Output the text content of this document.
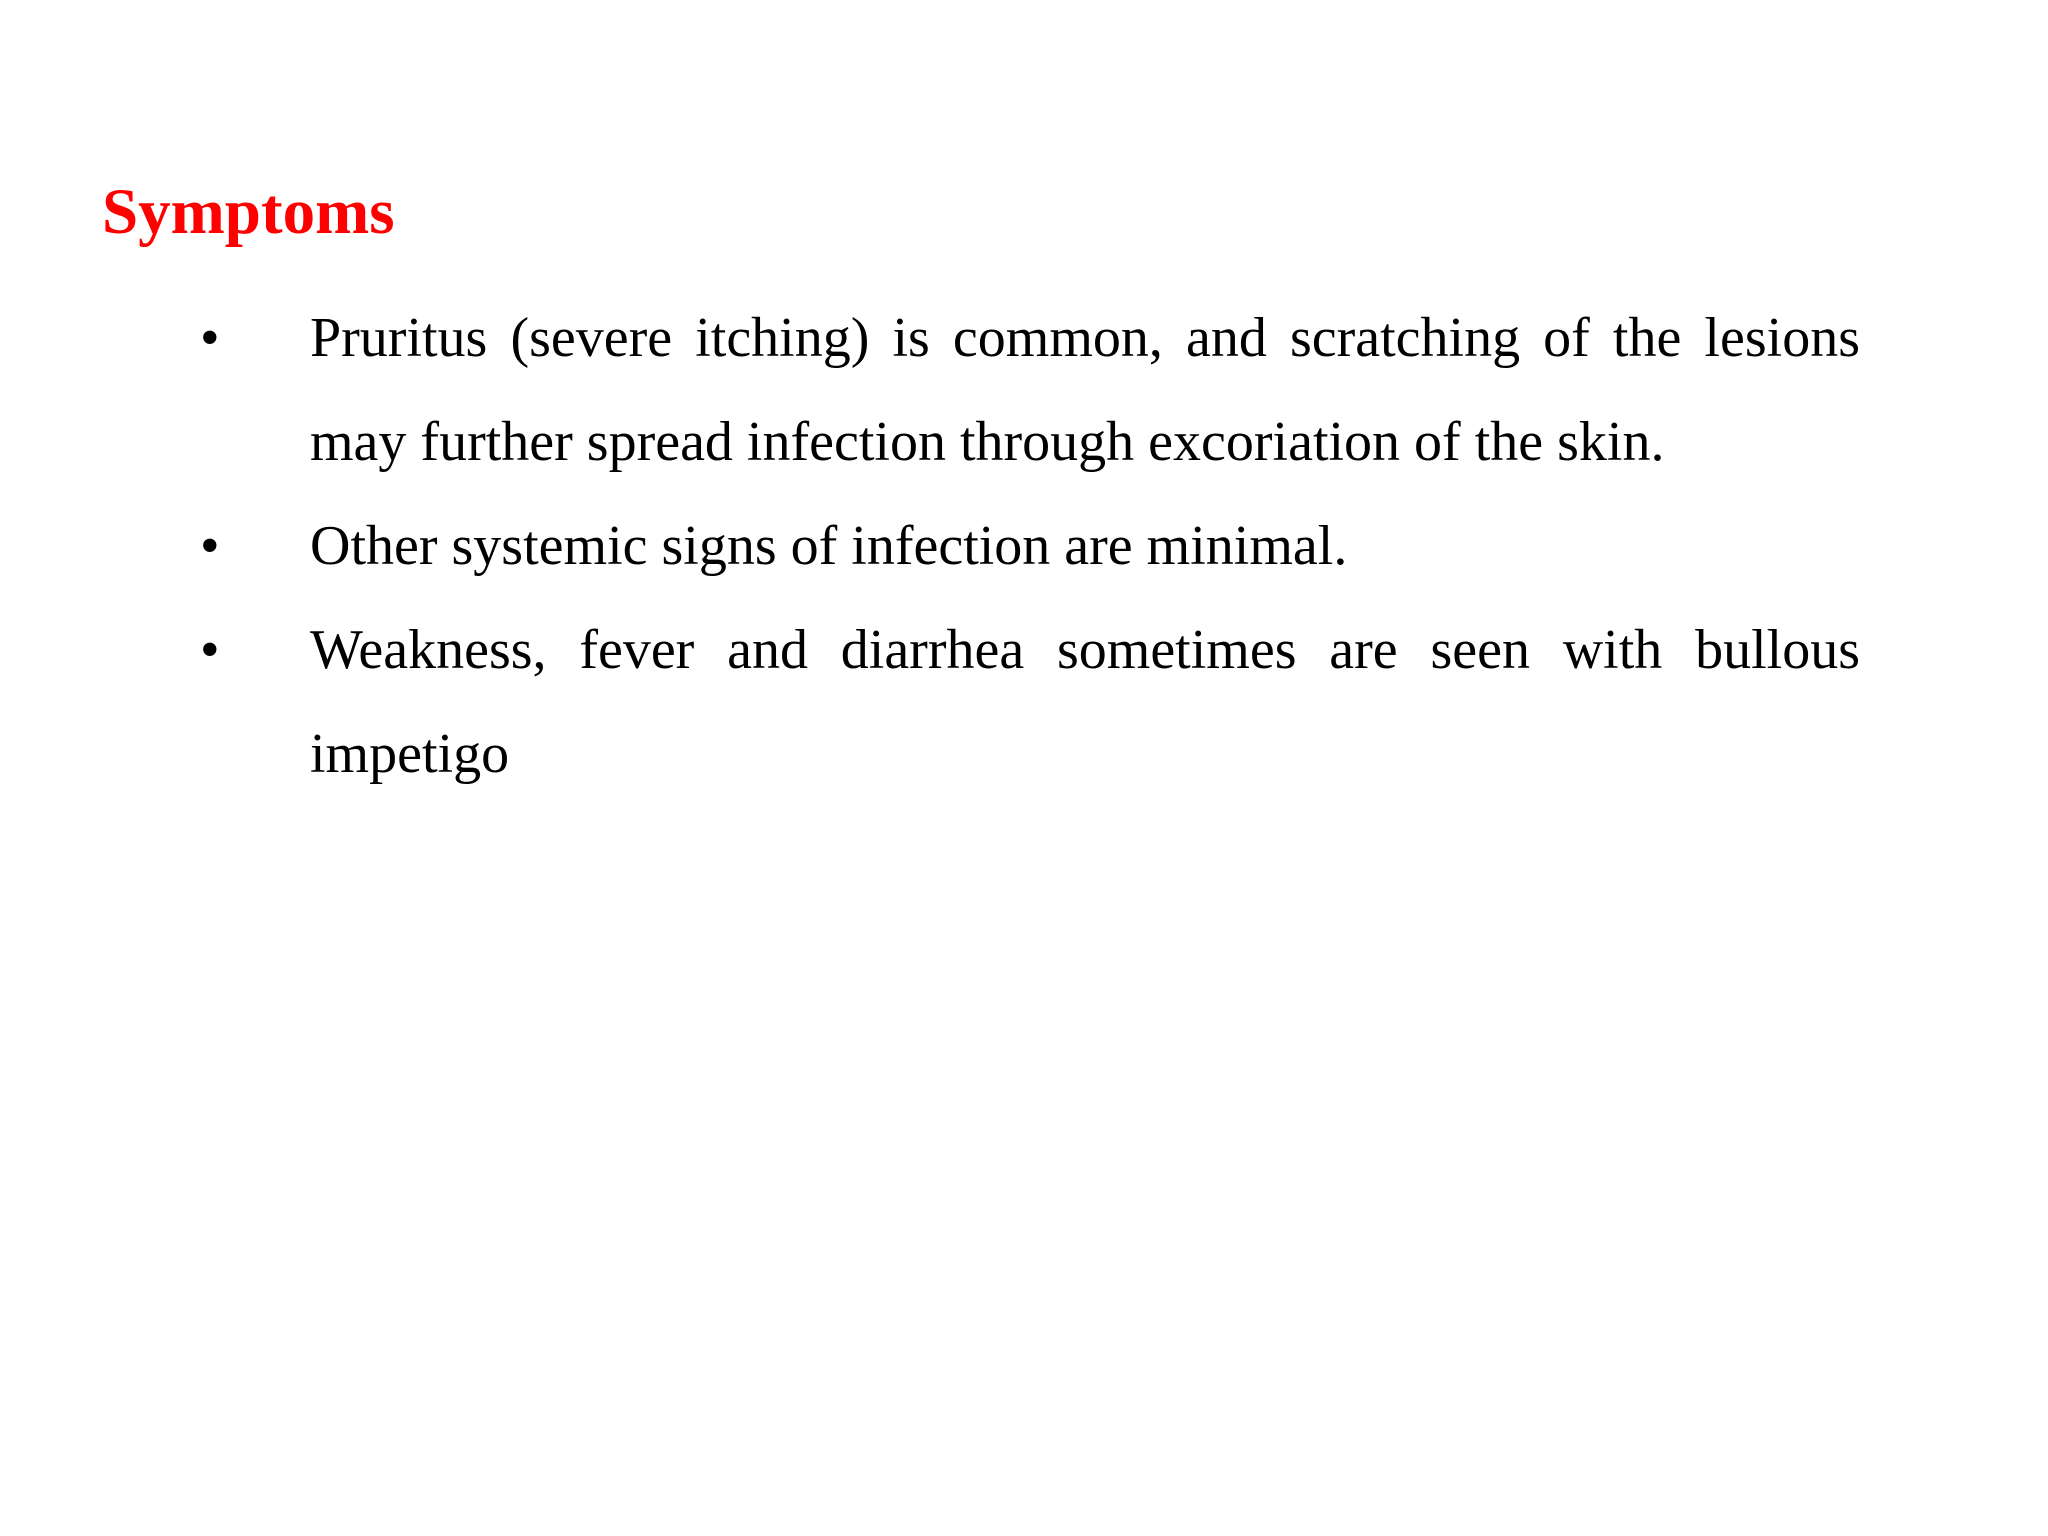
Symptoms
• Pruritus (severe itching) is common, and scratching of the lesions may further spread infection through excoriation of the skin.
• Other systemic signs of infection are minimal.
• Weakness, fever and diarrhea sometimes are seen with bullous impetigo
